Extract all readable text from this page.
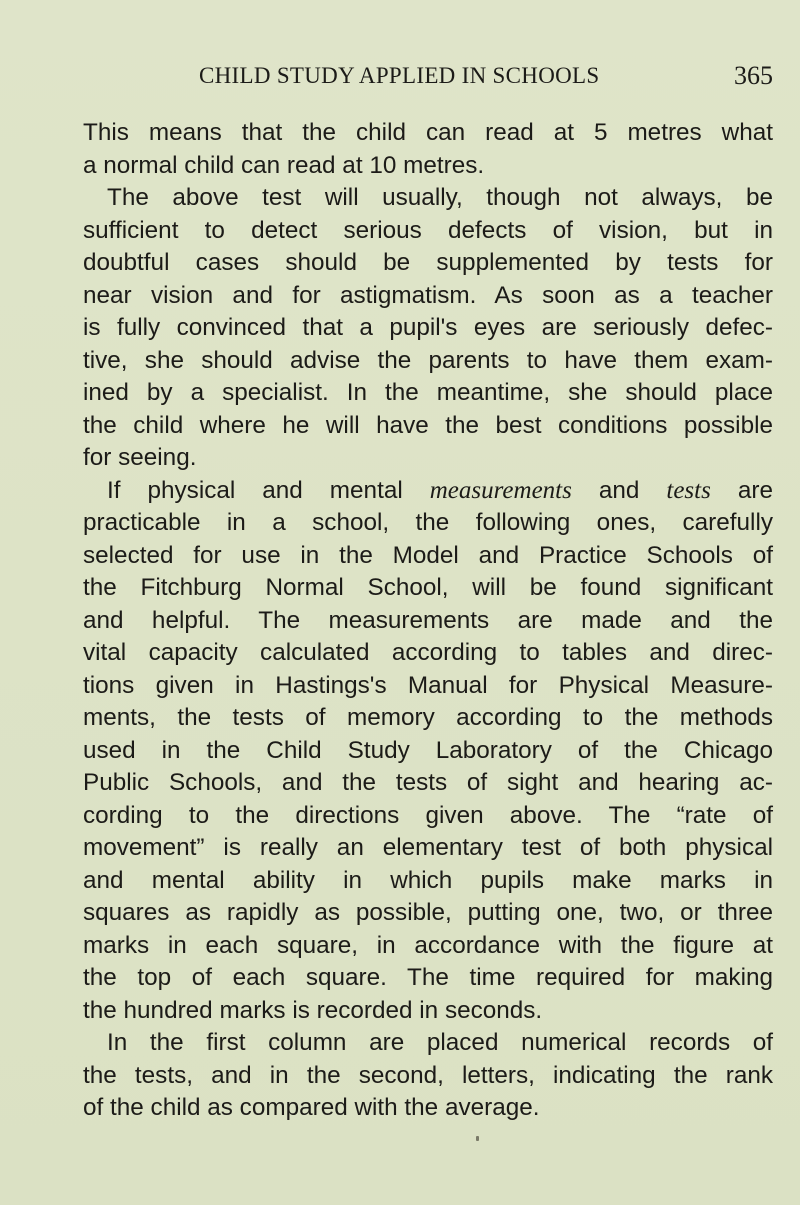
CHILD STUDY APPLIED IN SCHOOLS	365
This means that the child can read at 5 metres what
a normal child can read at 10 metres.
The above test will usually, though not always, be
sufficient to detect serious defects of vision, but in
doubtful cases should be supplemented by tests for
near vision and for astigmatism. As soon as a teacher
is fully convinced that a pupil's eyes are seriously defec-
tive, she should advise the parents to have them exam-
ined by a specialist. In the meantime, she should place
the child where he will have the best conditions possible
for seeing.
If physical and mental measurements and tests are
practicable in a school, the following ones, carefully
selected for use in the Model and Practice Schools of
the Fitchburg Normal School, will be found significant
and helpful. The measurements are made and the
vital capacity calculated according to tables and direc-
tions given in Hastings's Manual for Physical Measure-
ments, the tests of memory according to the methods
used in the Child Study Laboratory of the Chicago
Public Schools, and the tests of sight and hearing ac-
cording to the directions given above. The “rate of
movement” is really an elementary test of both physical
and mental ability in which pupils make marks in
squares as rapidly as possible, putting one, two, or three
marks in each square, in accordance with the figure at
the top of each square. The time required for making
the hundred marks is recorded in seconds.
In the first column are placed numerical records of
the tests, and in the second, letters, indicating the rank
of the child as compared with the average.
